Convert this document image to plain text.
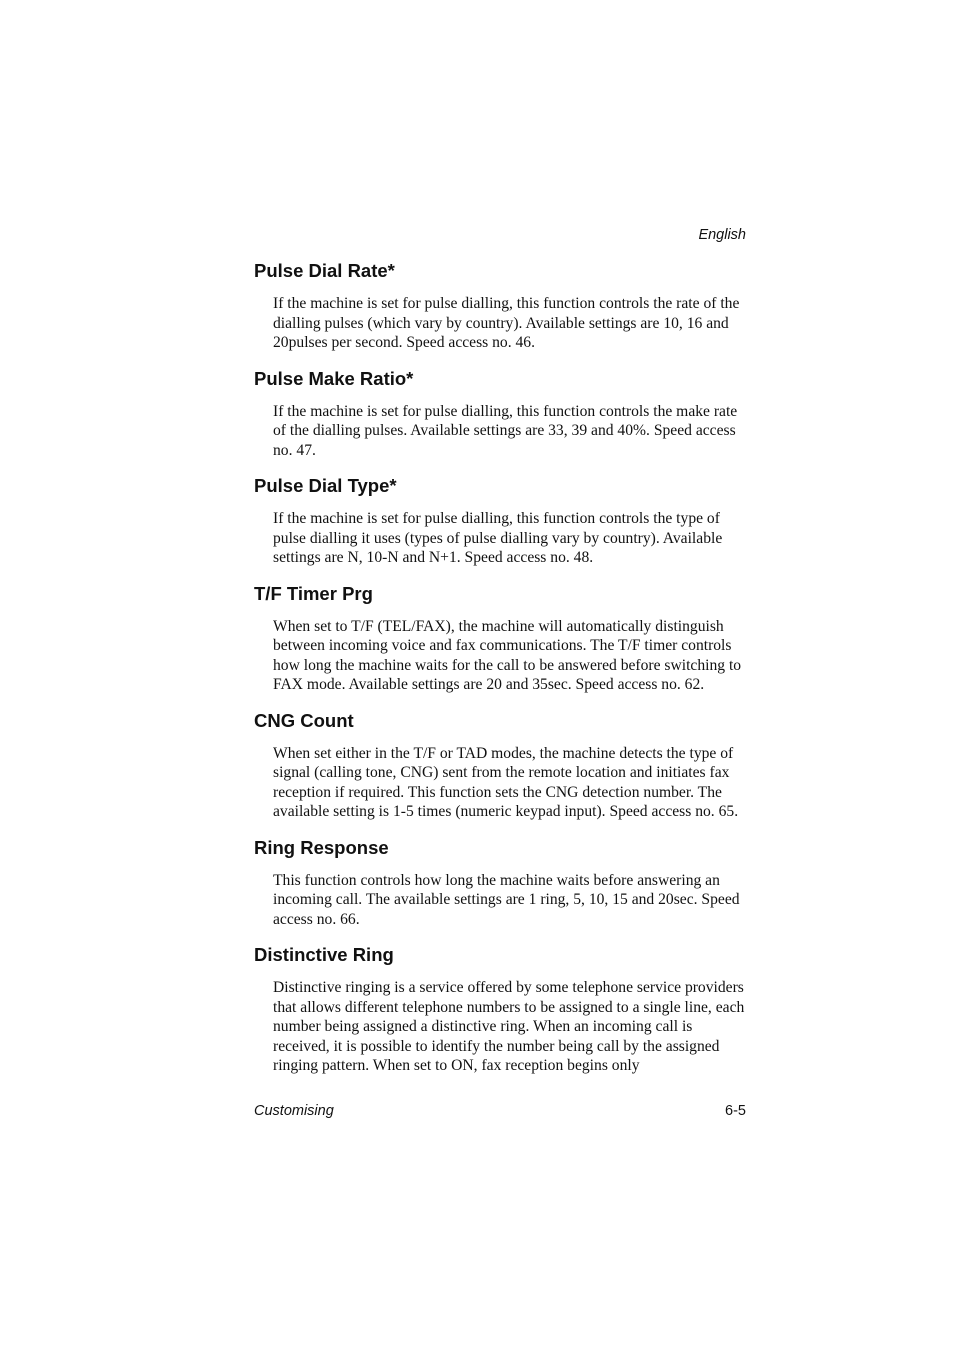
English
Pulse Dial Rate*

If the machine is set for pulse dialling, this function controls the rate of the dialling pulses (which vary by country). Available settings are 10, 16 and 20pulses per second. Speed access no. 46.

Pulse Make Ratio*

If the machine is set for pulse dialling, this function controls the make rate of the dialling pulses. Available settings are 33, 39 and 40%. Speed access no. 47.

Pulse Dial Type*

If the machine is set for pulse dialling, this function controls the type of pulse dialling it uses (types of pulse dialling vary by country). Available settings are N, 10-N and N+1. Speed access no. 48.

T/F Timer Prg

When set to T/F (TEL/FAX), the machine will automatically distinguish between incoming voice and fax communications. The T/F timer controls how long the machine waits for the call to be answered before switching to FAX mode. Available settings are 20 and 35sec. Speed access no. 62.

CNG Count

When set either in the T/F or TAD modes, the machine detects the type of signal (calling tone, CNG) sent from the remote location and initiates fax reception if required. This function sets the CNG detection number. The available setting is 1-5 times (numeric keypad input). Speed access no. 65.

Ring Response

This function controls how long the machine waits before answering an incoming call. The available settings are 1 ring, 5, 10, 15 and 20sec. Speed access no. 66.

Distinctive Ring

Distinctive ringing is a service offered by some telephone service providers that allows different telephone numbers to be assigned to a single line, each number being assigned a distinctive ring. When an incoming call is received, it is possible to identify the number being call by the assigned ringing pattern. When set to ON, fax reception begins only

Customising	6-5
